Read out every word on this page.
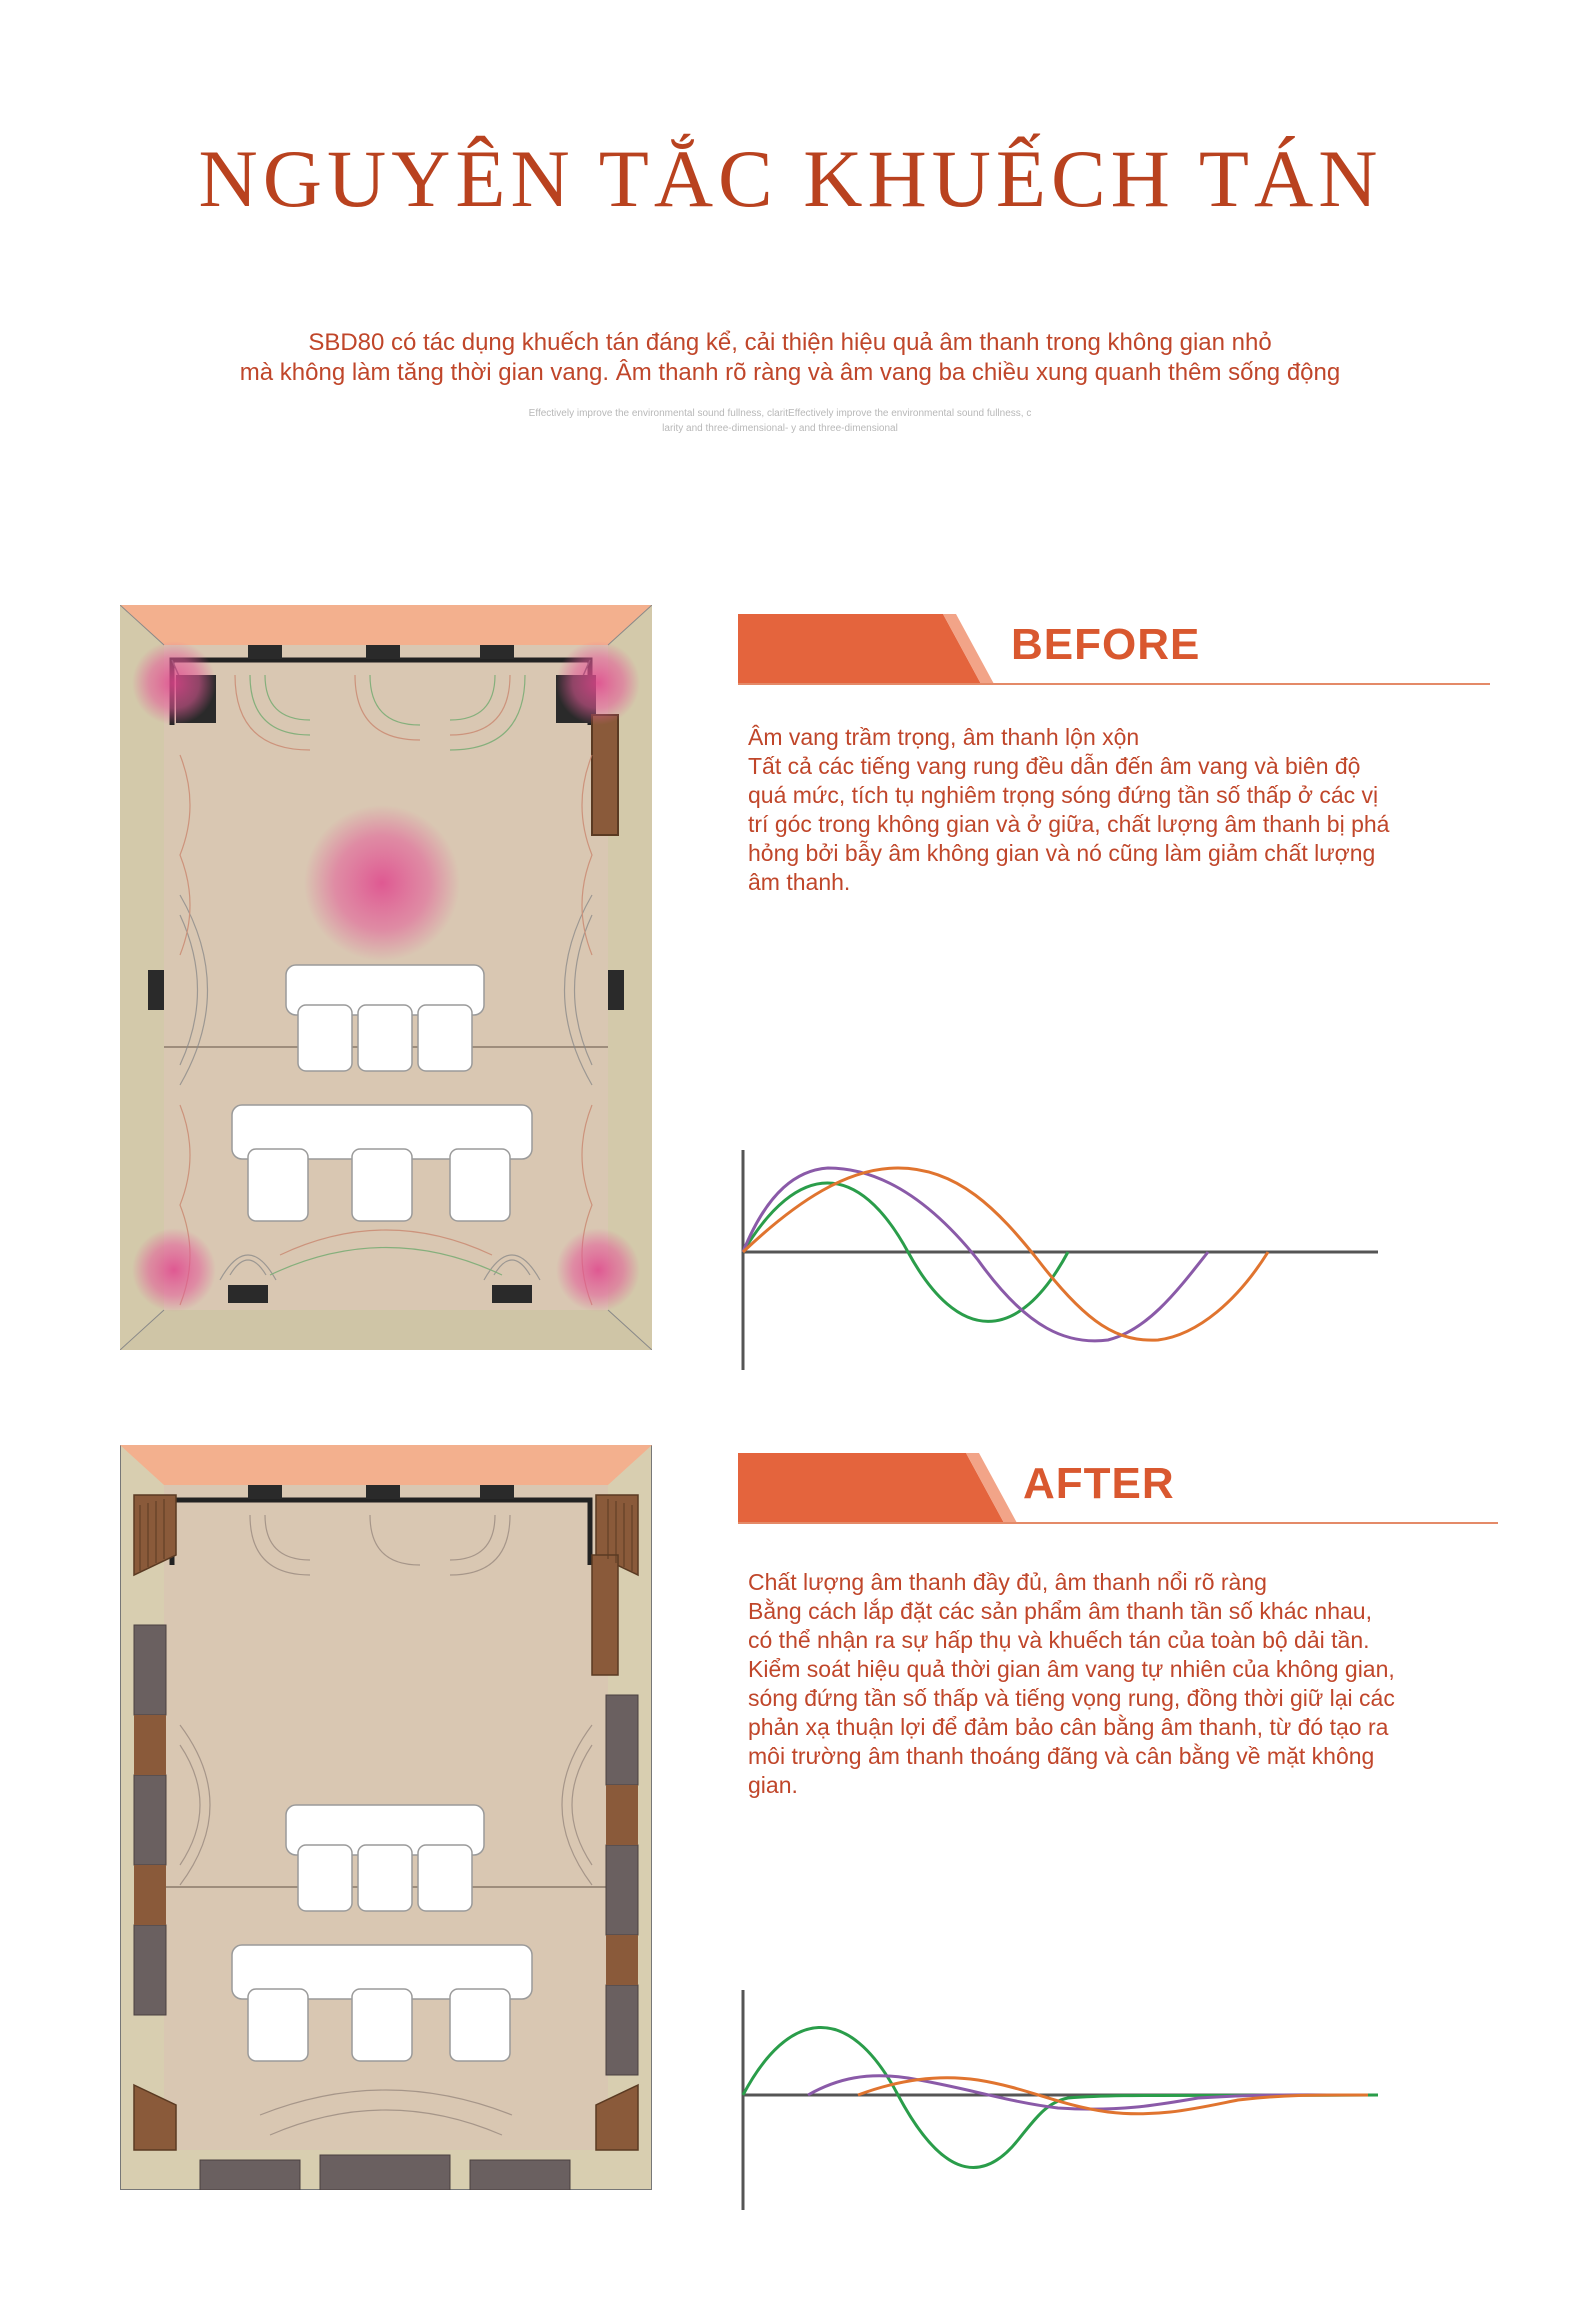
NGUYÊN TẮC KHUẾCH TÁN

SBD80 có tác dụng khuếch tán đáng kể, cải thiện hiệu quả âm thanh trong không gian nhỏ

mà không làm tăng thời gian vang. Âm thanh rõ ràng và âm vang ba chiều xung quanh thêm sống động

Effectively improve the environmental sound fullness, claritEffectively improve the environmental sound fullness, c
larity and three-dimensional- y and three-dimensional
BEFORE

Âm vang trầm trọng, âm thanh lộn xộn

Tất cả các tiếng vang rung đều dẫn đến âm vang và biên độ

quá mức, tích tụ nghiêm trọng sóng đứng tần số thấp ở các vị

trí góc trong không gian và ở giữa, chất lượng âm thanh bị phá

hỏng bởi bẫy âm không gian và nó cũng làm giảm chất lượng

âm thanh.

AFTER

Chất lượng âm thanh đầy đủ, âm thanh nổi rõ ràng

Bằng cách lắp đặt các sản phẩm âm thanh tần số khác nhau,

có thể nhận ra sự hấp thụ và khuếch tán của toàn bộ dải tần.

Kiểm soát hiệu quả thời gian âm vang tự nhiên của không gian,

sóng đứng tần số thấp và tiếng vọng rung, đồng thời giữ lại các

phản xạ thuận lợi để đảm bảo cân bằng âm thanh, từ đó tạo ra

môi trường âm thanh thoáng đãng và cân bằng về mặt không

gian.
